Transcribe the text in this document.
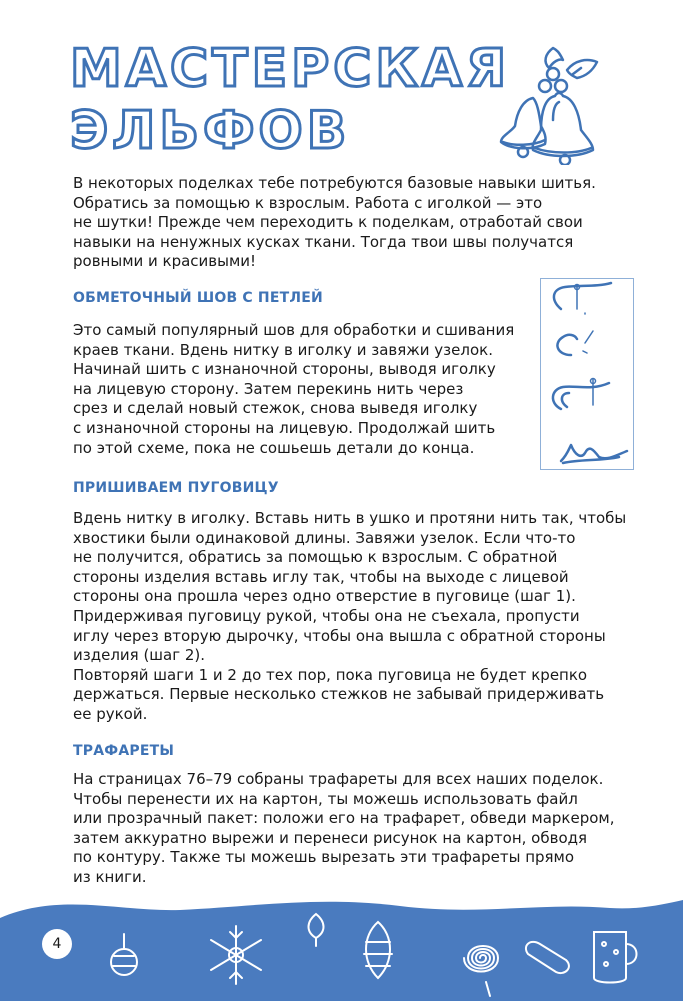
МАСТЕРСКАЯ
ЭЛЬФОВ
В некоторых поделках тебе потребуются базовые навыки шитья.
Обратись за помощью к взрослым. Работа с иголкой — это
не шутки! Прежде чем переходить к поделкам, отработай свои
навыки на ненужных кусках ткани. Тогда твои швы получатся
ровными и красивыми!
ОБМЕТОЧНЫЙ ШОВ С ПЕТЛЕЙ
Это самый популярный шов для обработки и сшивания
краев ткани. Вдень нитку в иголку и завяжи узелок.
Начинай шить с изнаночной стороны, выводя иголку
на лицевую сторону. Затем перекинь нить через
срез и сделай новый стежок, снова выведя иголку
с изнаночной стороны на лицевую. Продолжай шить
по этой схеме, пока не сошьешь детали до конца.
ПРИШИВАЕМ ПУГОВИЦУ
Вдень нитку в иголку. Вставь нить в ушко и протяни нить так, чтобы
хвостики были одинаковой длины. Завяжи узелок. Если что-то
не получится, обратись за помощью к взрослым. С обратной
стороны изделия вставь иглу так, чтобы на выходе с лицевой
стороны она прошла через одно отверстие в пуговице (шаг 1).
Придерживая пуговицу рукой, чтобы она не съехала, пропусти
иглу через вторую дырочку, чтобы она вышла с обратной стороны
изделия (шаг 2).
Повторяй шаги 1 и 2 до тех пор, пока пуговица не будет крепко
держаться. Первые несколько стежков не забывай придерживать
ее рукой.
ТРАФАРЕТЫ
На страницах 76–79 собраны трафареты для всех наших поделок.
Чтобы перенести их на картон, ты можешь использовать файл
или прозрачный пакет: положи его на трафарет, обведи маркером,
затем аккуратно вырежи и перенеси рисунок на картон, обводя
по контуру. Также ты можешь вырезать эти трафареты прямо
из книги.
4
